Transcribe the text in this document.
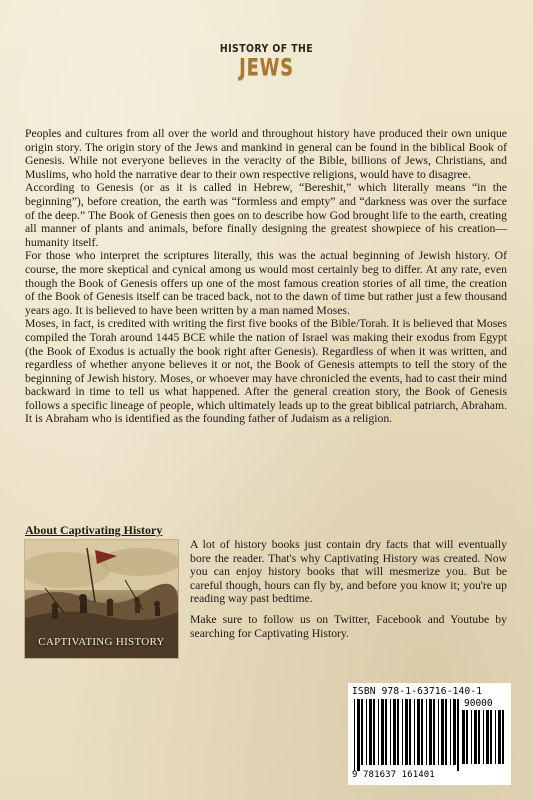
HISTORY OF THE
JEWS

Peoples and cultures from all over the world and throughout history have produced their own unique origin story. The origin story of the Jews and mankind in general can be found in the biblical Book of Genesis. While not everyone believes in the veracity of the Bible, billions of Jews, Christians, and Muslims, who hold the narrative dear to their own respective religions, would have to disagree.

According to Genesis (or as it is called in Hebrew, “Bereshit,” which literally means “in the beginning”), before creation, the earth was “formless and empty” and “darkness was over the surface of the deep.” The Book of Genesis then goes on to describe how God brought life to the earth, creating all manner of plants and animals, before finally designing the greatest showpiece of his creation—humanity itself.

For those who interpret the scriptures literally, this was the actual beginning of Jewish history. Of course, the more skeptical and cynical among us would most certainly beg to differ. At any rate, even though the Book of Genesis offers up one of the most famous creation stories of all time, the creation of the Book of Genesis itself can be traced back, not to the dawn of time but rather just a few thousand years ago. It is believed to have been written by a man named Moses.

Moses, in fact, is credited with writing the first five books of the Bible/Torah. It is believed that Moses compiled the Torah around 1445 BCE while the nation of Israel was making their exodus from Egypt (the Book of Exodus is actually the book right after Genesis). Regardless of when it was written, and regardless of whether anyone believes it or not, the Book of Genesis attempts to tell the story of the beginning of Jewish history. Moses, or whoever may have chronicled the events, had to cast their mind backward in time to tell us what happened. After the general creation story, the Book of Genesis follows a specific lineage of people, which ultimately leads up to the great biblical patriarch, Abraham. It is Abraham who is identified as the founding father of Judaism as a religion.

About Captivating History
CAPTIVATING HISTORY

A lot of history books just contain dry facts that will eventually bore the reader. That's why Captivating History was created. Now you can enjoy history books that will mesmerize you. But be careful though, hours can fly by, and before you know it; you're up reading way past bedtime.

Make sure to follow us on Twitter, Facebook and Youtube by searching for Captivating History.

ISBN 978-1-63716-140-1
90000
9 781637 161401
